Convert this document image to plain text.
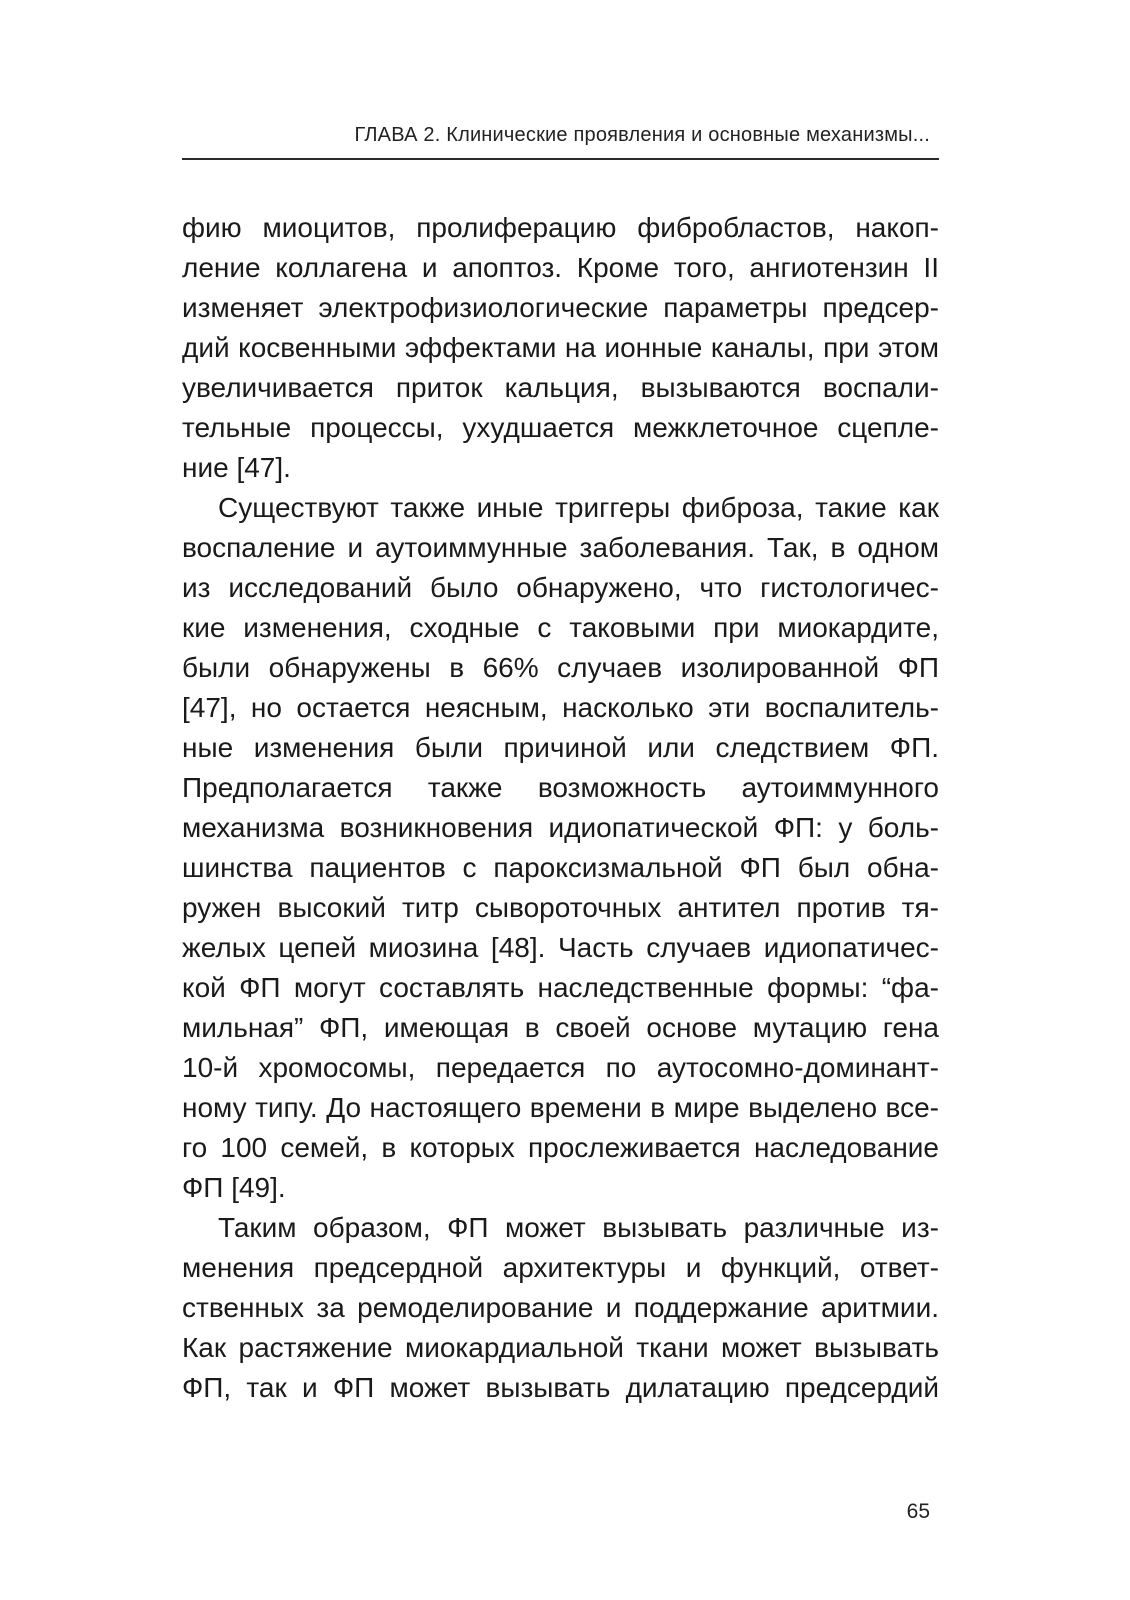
ГЛАВА 2. Клинические проявления и основные механизмы...
фию миоцитов, пролиферацию фибробластов, накоп-
ление коллагена и апоптоз. Кроме того, ангиотензин II
изменяет электрофизиологические параметры предсер-
дий косвенными эффектами на ионные каналы, при этом
увеличивается приток кальция, вызываются воспали-
тельные процессы, ухудшается межклеточное сцепле-
ние [47].
Существуют также иные триггеры фиброза, такие как
воспаление и аутоиммунные заболевания. Так, в одном
из исследований было обнаружено, что гистологичес-
кие изменения, сходные с таковыми при миокардите,
были обнаружены в 66% случаев изолированной ФП
[47], но остается неясным, насколько эти воспалитель-
ные изменения были причиной или следствием ФП.
Предполагается также возможность аутоиммунного
механизма возникновения идиопатической ФП: у боль-
шинства пациентов с пароксизмальной ФП был обна-
ружен высокий титр сывороточных антител против тя-
желых цепей миозина [48]. Часть случаев идиопатичес-
кой ФП могут составлять наследственные формы: “фа-
мильная” ФП, имеющая в своей основе мутацию гена
10-й хромосомы, передается по аутосомно-доминант-
ному типу. До настоящего времени в мире выделено все-
го 100 семей, в которых прослеживается наследование
ФП [49].
Таким образом, ФП может вызывать различные из-
менения предсердной архитектуры и функций, ответ-
ственных за ремоделирование и поддержание аритмии.
Как растяжение миокардиальной ткани может вызывать
ФП, так и ФП может вызывать дилатацию предсердий
65
